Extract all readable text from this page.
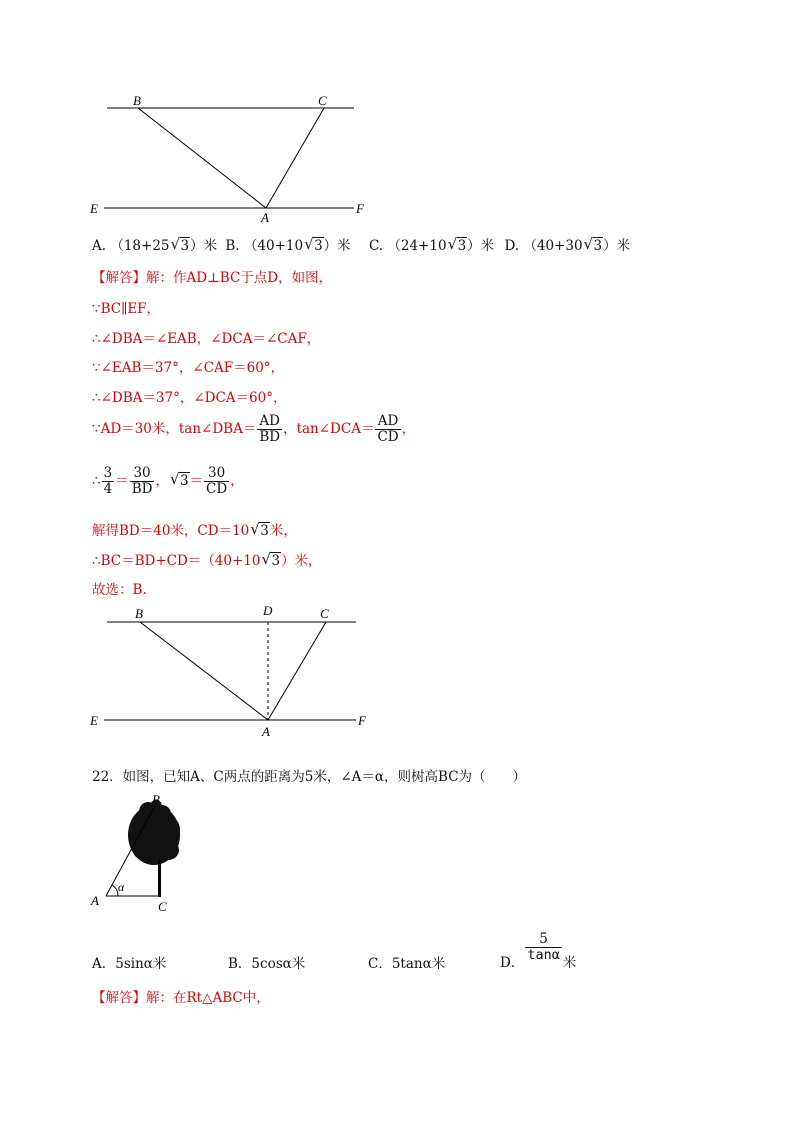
B	C
E
A
F
A. （18+25 √ 3）米 B. （40+10 √ 3）米 C. （24+10 √ 3）米 D. （40+30 √ 3）米
【解答】解：作AD⊥BC于点D，如图，
∵BC∥EF，
∴∠DBA＝∠EAB，∠DCA＝∠CAF，
∵∠EAB＝37°，∠CAF＝60°，
∴∠DBA＝37°，∠DCA＝60°，
∵AD＝30米，tan∠DBA＝ $\frac{AD}{BD}$ ，tan∠DCA＝ $\frac{AD}{CD}$ ，
∴ $\frac{3}{4} = \frac{30}{BD}$ ， √ $3= \frac{30}{CD}$ ，
解得BD＝40米，CD＝10 √ 3米，
∴BC＝BD+CD＝（40+10 √ 3）米，
故选：B.
B	D	C
E
A
F
22．如图，已知A、C两点的距离为5米，∠A＝α，则树高BC为（　　）
α
B
A	C
A．5sinα米	B．5cosα米	C．5tanα米	D．
$\frac{5}{\tan\alpha}$
米
【解答】解：在Rt△ABC中，
